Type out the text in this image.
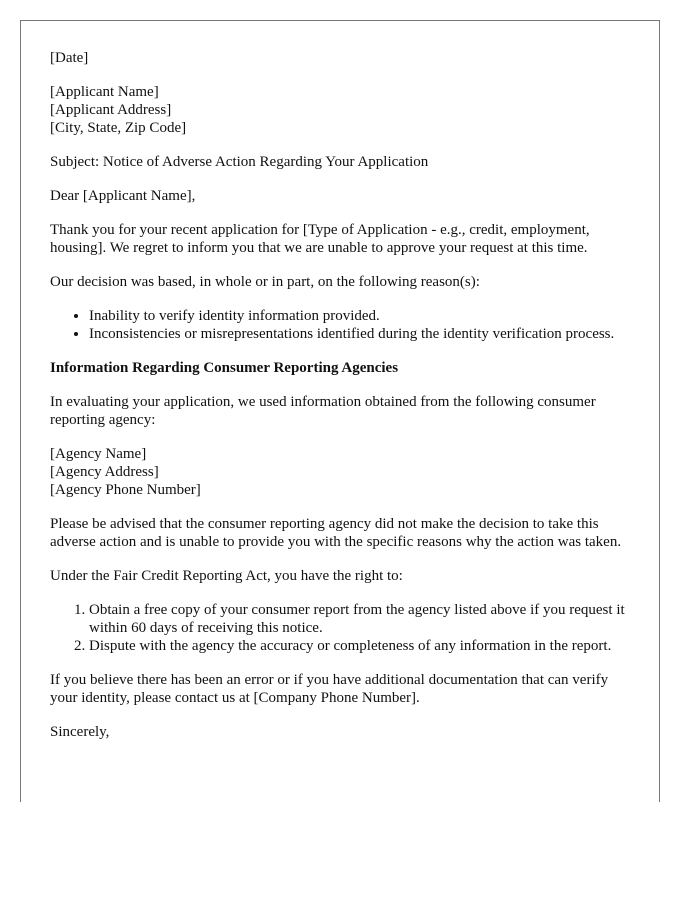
[Date]

[Applicant Name]
[Applicant Address]
[City, State, Zip Code]

Subject: Notice of Adverse Action Regarding Your Application

Dear [Applicant Name],

Thank you for your recent application for [Type of Application - e.g., credit, employment, housing]. We regret to inform you that we are unable to approve your request at this time.

Our decision was based, in whole or in part, on the following reason(s):

• Inability to verify identity information provided.
• Inconsistencies or misrepresentations identified during the identity verification process.

Information Regarding Consumer Reporting Agencies

In evaluating your application, we used information obtained from the following consumer reporting agency:

[Agency Name]
[Agency Address]
[Agency Phone Number]

Please be advised that the consumer reporting agency did not make the decision to take this adverse action and is unable to provide you with the specific reasons why the action was taken.

Under the Fair Credit Reporting Act, you have the right to:

1. Obtain a free copy of your consumer report from the agency listed above if you request it within 60 days of receiving this notice.
2. Dispute with the agency the accuracy or completeness of any information in the report.

If you believe there has been an error or if you have additional documentation that can verify your identity, please contact us at [Company Phone Number].

Sincerely,
